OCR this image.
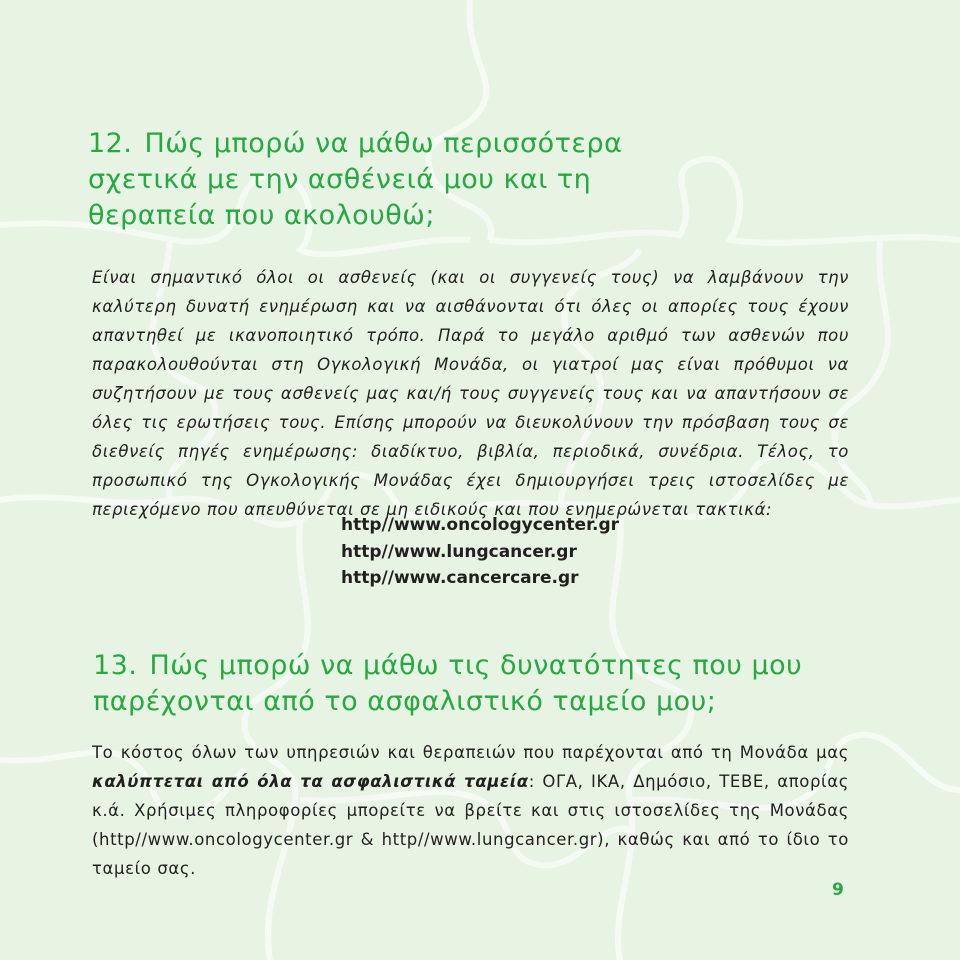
12. Πώς μπορώ να μάθω περισσότερα
σχετικά με την ασθένειά μου και τη
θεραπεία που ακολουθώ;

Είναι σημαντικό όλοι οι ασθενείς (και οι συγγενείς τους) να λαμβάνουν την καλύτερη δυνατή ενημέρωση και να αισθάνονται ότι όλες οι απορίες τους έχουν απαντηθεί με ικανοποιητικό τρόπο. Παρά το μεγάλο αριθμό των ασθενών που παρακολουθούνται στη Ογκολογική Μονάδα, οι γιατροί μας είναι πρόθυμοι να συζητήσουν με τους ασθενείς μας και/ή τους συγγενείς τους και να απαντήσουν σε όλες τις ερωτήσεις τους. Επίσης μπορούν να διευκολύνουν την πρόσβαση τους σε διεθνείς πηγές ενημέρωσης: διαδίκτυο, βιβλία, περιοδικά, συνέδρια. Τέλος, το προσωπικό της Ογκολογικής Μονάδας έχει δημιουργήσει τρεις ιστοσελίδες με περιεχόμενο που απευθύνεται σε μη ειδικούς και που ενημερώνεται τακτικά:

http//www.oncologycenter.gr
http//www.lungcancer.gr
http//www.cancercare.gr
13. Πώς μπορώ να μάθω τις δυνατότητες που μου
παρέχονται από το ασφαλιστικό ταμείο μου;

Το κόστος όλων των υπηρεσιών και θεραπειών που παρέχονται από τη Μονάδα μας καλύπτεται από όλα τα ασφαλιστικά ταμεία: ΟΓΑ, ΙΚΑ, Δημόσιο, ΤΕΒΕ, απορίας κ.ά. Χρήσιμες πληροφορίες μπορείτε να βρείτε και στις ιστοσελίδες της Μονάδας (http//www.oncologycenter.gr & http//www.lungcancer.gr), καθώς και από το ίδιο το ταμείο σας.

9
